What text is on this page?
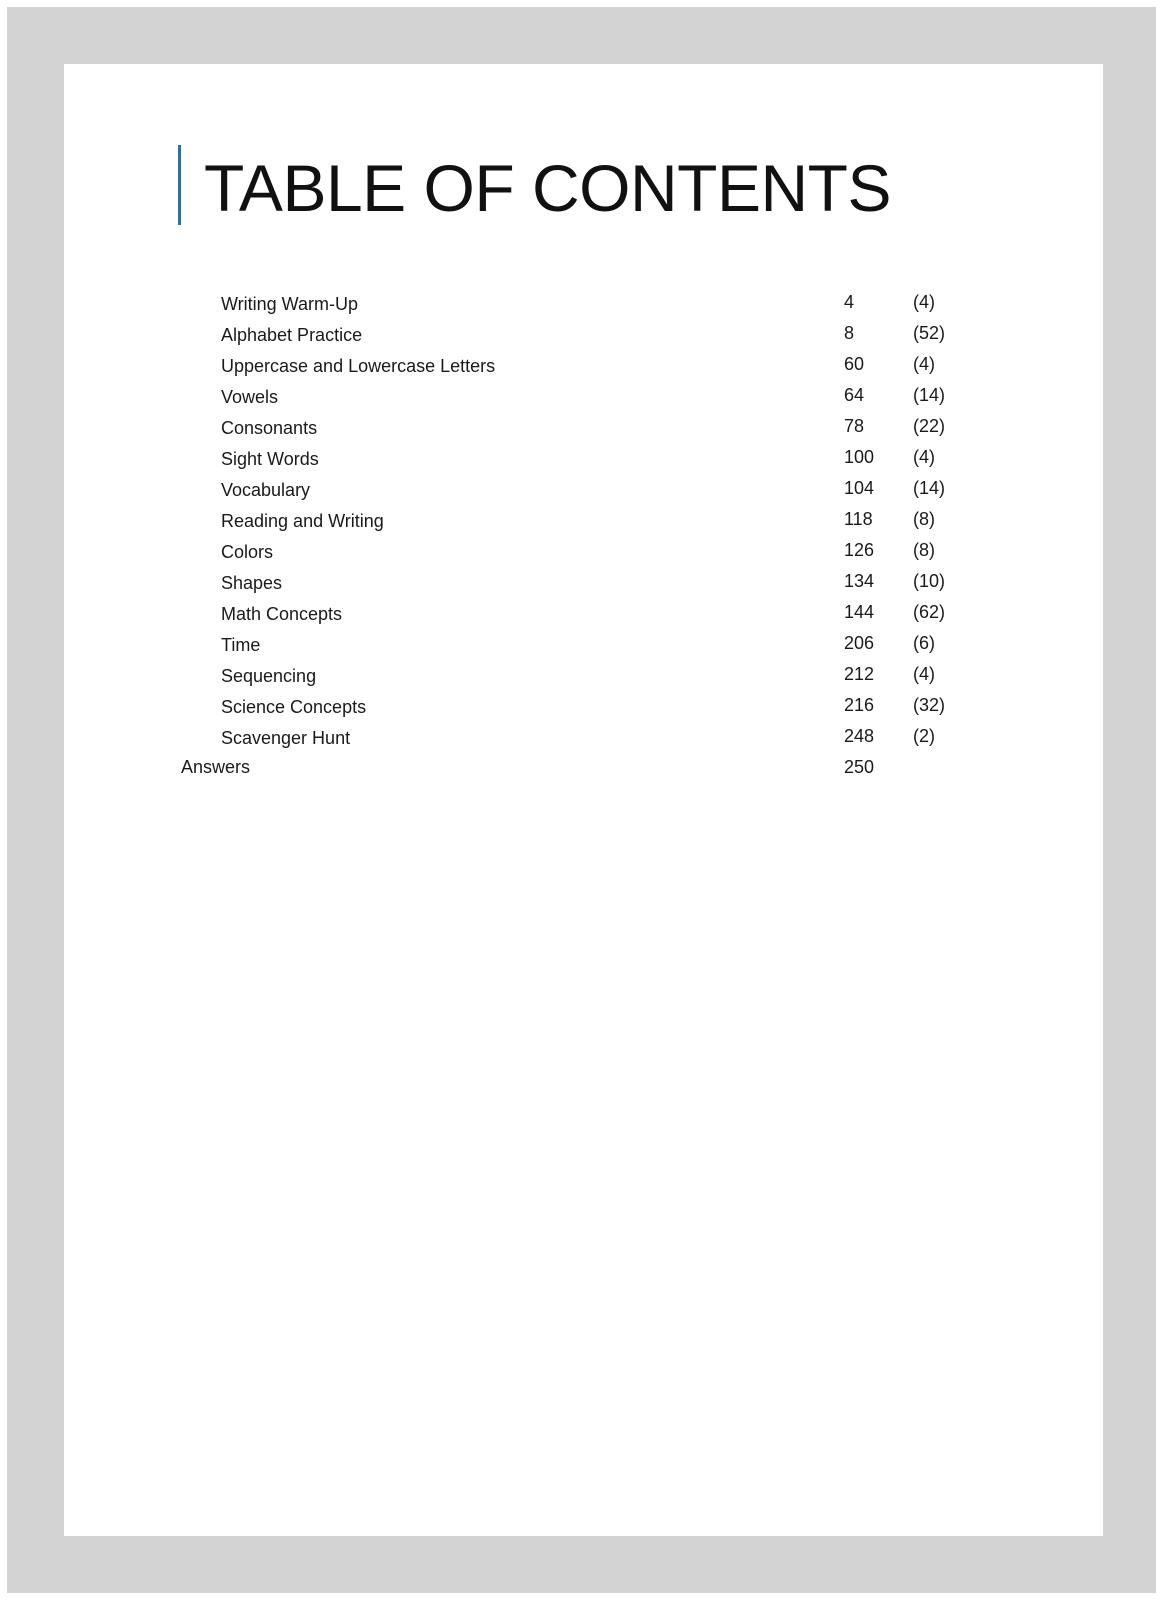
TABLE OF CONTENTS
Writing Warm-Up	4	(4)
Alphabet Practice	8	(52)
Uppercase and Lowercase Letters	60	(4)
Vowels	64	(14)
Consonants	78	(22)
Sight Words	100 (4)
Vocabulary	104 (14)
Reading and Writing	118 (8)
Colors	126 (8)
Shapes	134 (10)
Math Concepts	144 (62)
Time	206 (6)
Sequencing	212 (4)
Science Concepts	216 (32)
Scavenger Hunt	248 (2)
Answers	250
